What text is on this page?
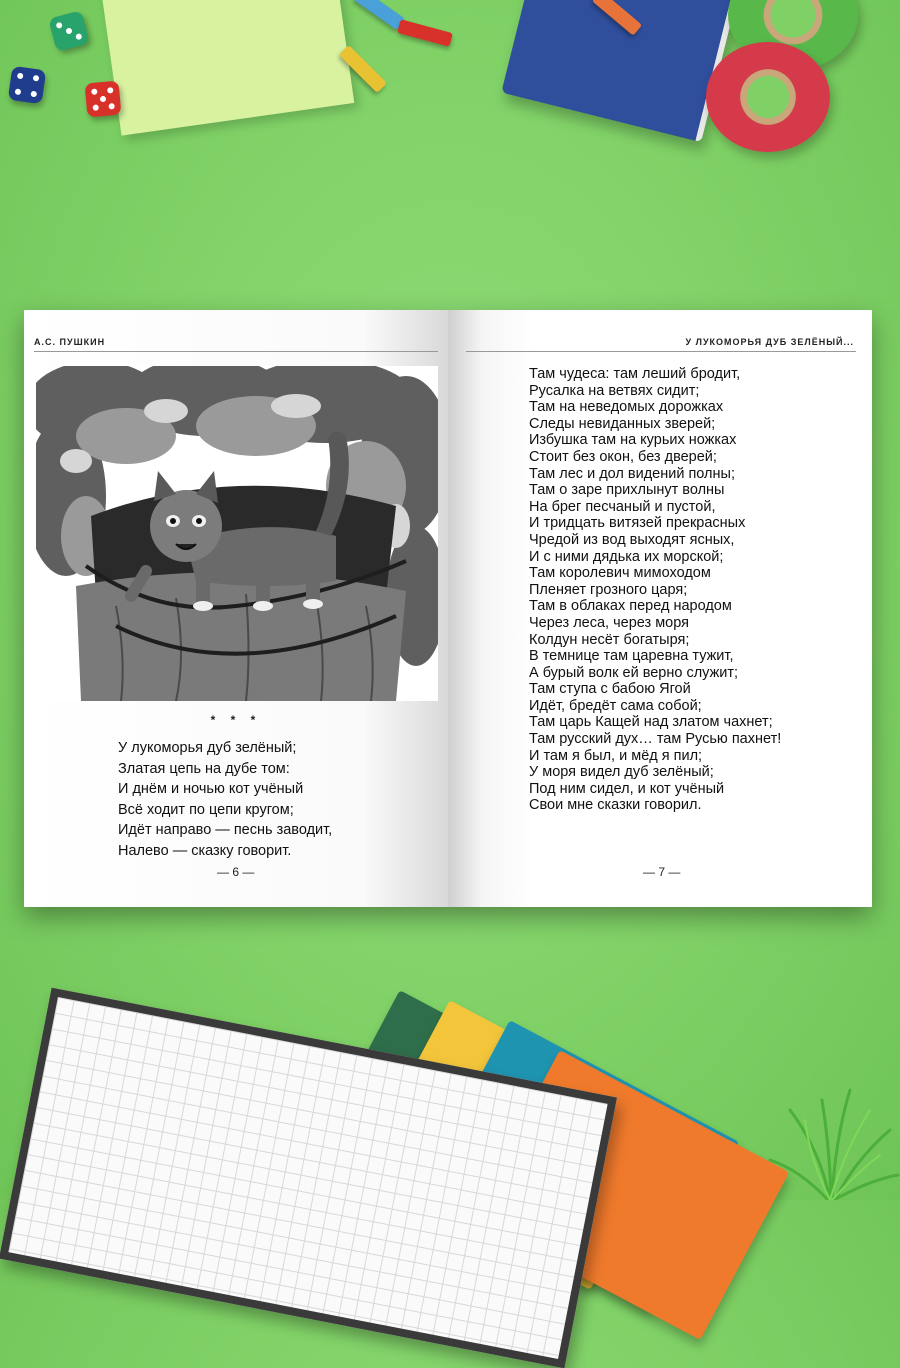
А.С. ПУШКИН
* * *
У лукоморья дуб зелёный;
Златая цепь на дубе том:
И днём и ночью кот учёный
Всё ходит по цепи кругом;
Идёт направо — песнь заводит,
Налево — сказку говорит.
— 6 —
У ЛУКОМОРЬЯ ДУБ ЗЕЛЁНЫЙ...
Там чудеса: там леший бродит,
Русалка на ветвях сидит;
Там на неведомых дорожках
Следы невиданных зверей;
Избушка там на курьих ножках
Стоит без окон, без дверей;
Там лес и дол видений полны;
Там о заре прихлынут волны
На брег песчаный и пустой,
И тридцать витязей прекрасных
Чредой из вод выходят ясных,
И с ними дядька их морской;
Там королевич мимоходом
Пленяет грозного царя;
Там в облаках перед народом
Через леса, через моря
Колдун несёт богатыря;
В темнице там царевна тужит,
А бурый волк ей верно служит;
Там ступа с бабою Ягой
Идёт, бредёт сама собой;
Там царь Кащей над златом чахнет;
Там русский дух… там Русью пахнет!
И там я был, и мёд я пил;
У моря видел дуб зелёный;
Под ним сидел, и кот учёный
Свои мне сказки говорил.
— 7 —
